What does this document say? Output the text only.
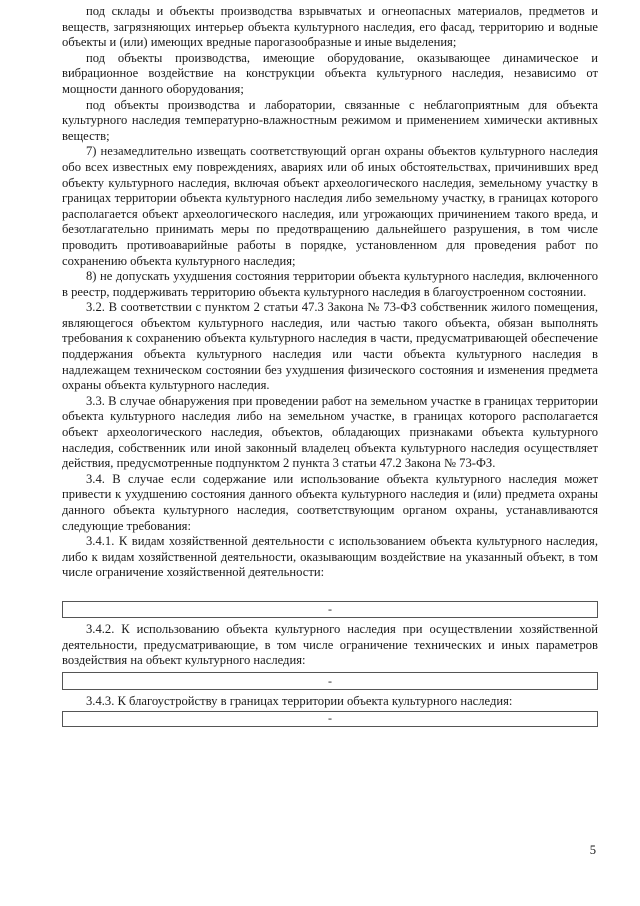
под склады и объекты производства взрывчатых и огнеопасных материалов, предметов и веществ, загрязняющих интерьер объекта культурного наследия, его фасад, территорию и водные объекты и (или) имеющих вредные парогазообразные и иные выделения;

под объекты производства, имеющие оборудование, оказывающее динамическое и вибрационное воздействие на конструкции объекта культурного наследия, независимо от мощности данного оборудования;

под объекты производства и лаборатории, связанные с неблагоприятным для объекта культурного наследия температурно-влажностным режимом и применением химически активных веществ;

7) незамедлительно извещать соответствующий орган охраны объектов культурного наследия обо всех известных ему повреждениях, авариях или об иных обстоятельствах, причинивших вред объекту культурного наследия, включая объект археологического наследия, земельному участку в границах территории объекта культурного наследия либо земельному участку, в границах которого располагается объект археологического наследия, или угрожающих причинением такого вреда, и безотлагательно принимать меры по предотвращению дальнейшего разрушения, в том числе проводить противоаварийные работы в порядке, установленном для проведения работ по сохранению объекта культурного наследия;

8) не допускать ухудшения состояния территории объекта культурного наследия, включенного в реестр, поддерживать территорию объекта культурного наследия в благоустроенном состоянии.

3.2. В соответствии с пунктом 2 статьи 47.3 Закона № 73-ФЗ собственник жилого помещения, являющегося объектом культурного наследия, или частью такого объекта, обязан выполнять требования к сохранению объекта культурного наследия в части, предусматривающей обеспечение поддержания объекта культурного наследия или части объекта культурного наследия в надлежащем техническом состоянии без ухудшения физического состояния и изменения предмета охраны объекта культурного наследия.

3.3. В случае обнаружения при проведении работ на земельном участке в границах территории объекта культурного наследия либо на земельном участке, в границах которого располагается объект археологического наследия, объектов, обладающих признаками объекта культурного наследия, собственник или иной законный владелец объекта культурного наследия осуществляет действия, предусмотренные подпунктом 2 пункта 3 статьи 47.2 Закона № 73-ФЗ.

3.4. В случае если содержание или использование объекта культурного наследия может привести к ухудшению состояния данного объекта культурного наследия и (или) предмета охраны данного объекта культурного наследия, соответствующим органом охраны, устанавливаются следующие требования:

3.4.1. К видам хозяйственной деятельности с использованием объекта культурного наследия, либо к видам хозяйственной деятельности, оказывающим воздействие на указанный объект, в том числе ограничение хозяйственной деятельности:

-

3.4.2. К использованию объекта культурного наследия при осуществлении хозяйственной деятельности, предусматривающие, в том числе ограничение технических и иных параметров воздействия на объект культурного наследия:

-

3.4.3. К благоустройству в границах территории объекта культурного наследия:

-
5
